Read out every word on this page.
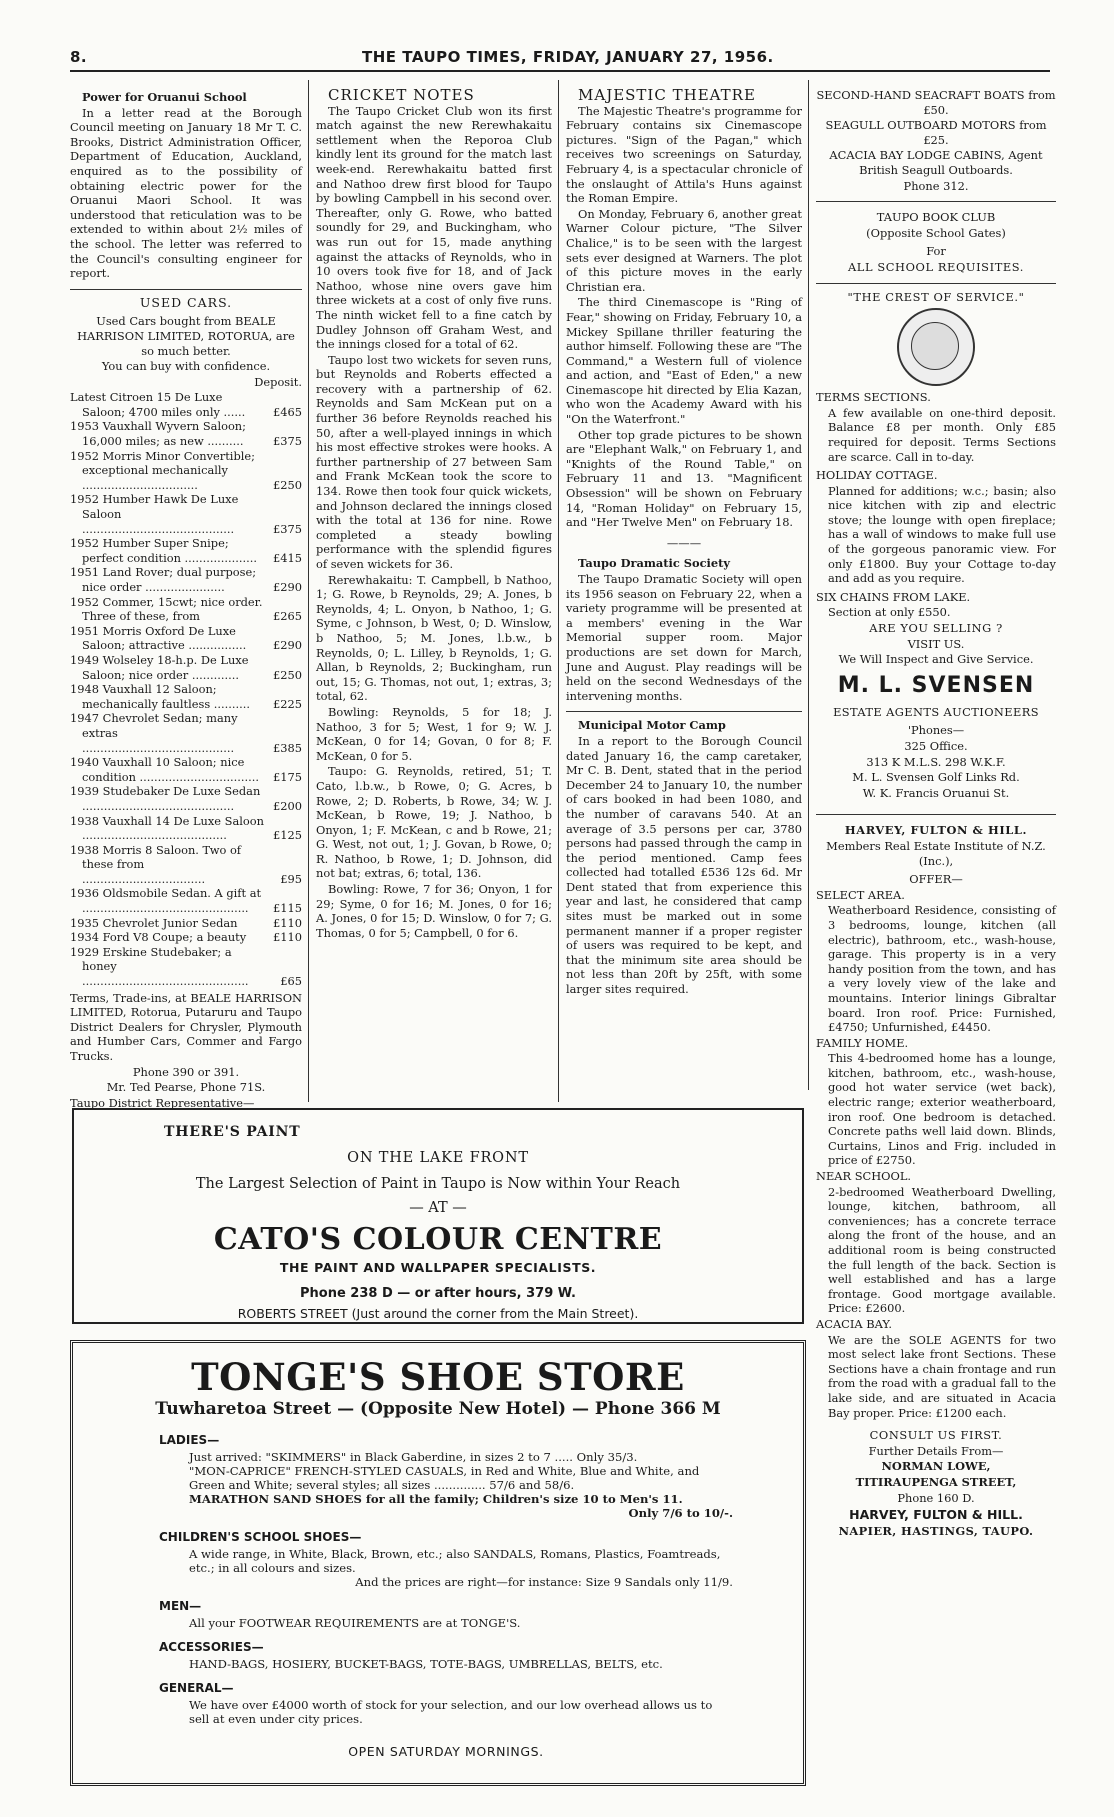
8.	THE TAUPO TIMES, FRIDAY, JANUARY 27, 1956.

Power for Oruanui School

In a letter read at the Borough Council meeting on January 18 Mr T. C. Brooks, District Administration Officer, Department of Education, Auckland, enquired as to the possibility of obtaining electric power for the Oruanui Maori School. It was understood that reticulation was to be extended to within about 2½ miles of the school. The letter was referred to the Council's consulting engineer for report.

USED CARS.

Used Cars bought from BEALE HARRISON LIMITED, ROTORUA, are so much better.

You can buy with confidence.

Deposit.

Latest Citroen 15 De Luxe Saloon; 4700 miles only ......	£465
1953 Vauxhall Wyvern Saloon; 16,000 miles; as new ..........	£375
1952 Morris Minor Convertible; exceptional mechanically ................................	£250
1952 Humber Hawk De Luxe Saloon ..........................................	£375
1952 Humber Super Snipe; perfect condition ....................	£415
1951 Land Rover; dual purpose; nice order ......................	£290
1952 Commer, 15cwt; nice order. Three of these, from	£265
1951 Morris Oxford De Luxe Saloon; attractive ................	£290
1949 Wolseley 18-h.p. De Luxe Saloon; nice order .............	£250
1948 Vauxhall 12 Saloon; mechanically faultless ..........	£225
1947 Chevrolet Sedan; many extras ..........................................	£385
1940 Vauxhall 10 Saloon; nice condition .................................	£175
1939 Studebaker De Luxe Sedan ..........................................	£200
1938 Vauxhall 14 De Luxe Saloon ........................................	£125
1938 Morris 8 Saloon. Two of these from ..................................	£95
1936 Oldsmobile Sedan. A gift at ..............................................	£115
1935 Chevrolet Junior Sedan	£110
1934 Ford V8 Coupe; a beauty	£110
1929 Erskine Studebaker; a honey ..............................................	£65

Terms, Trade-ins, at BEALE HARRISON LIMITED, Rotorua, Putaruru and Taupo District Dealers for Chrysler, Plymouth and Humber Cars, Commer and Fargo Trucks.

Phone 390 or 391.

Mr. Ted Pearse, Phone 71S.

Taupo District Representative—

CRICKET NOTES

The Taupo Cricket Club won its first match against the new Rerewhakaitu settlement when the Reporoa Club kindly lent its ground for the match last week-end. Rerewhakaitu batted first and Nathoo drew first blood for Taupo by bowling Campbell in his second over. Thereafter, only G. Rowe, who batted soundly for 29, and Buckingham, who was run out for 15, made anything against the attacks of Reynolds, who in 10 overs took five for 18, and of Jack Nathoo, whose nine overs gave him three wickets at a cost of only five runs. The ninth wicket fell to a fine catch by Dudley Johnson off Graham West, and the innings closed for a total of 62.

Taupo lost two wickets for seven runs, but Reynolds and Roberts effected a recovery with a partnership of 62. Reynolds and Sam McKean put on a further 36 before Reynolds reached his 50, after a well-played innings in which his most effective strokes were hooks. A further partnership of 27 between Sam and Frank McKean took the score to 134. Rowe then took four quick wickets, and Johnson declared the innings closed with the total at 136 for nine. Rowe completed a steady bowling performance with the splendid figures of seven wickets for 36.

Rerewhakaitu: T. Campbell, b Nathoo, 1; G. Rowe, b Reynolds, 29; A. Jones, b Reynolds, 4; L. Onyon, b Nathoo, 1; G. Syme, c Johnson, b West, 0; D. Winslow, b Nathoo, 5; M. Jones, l.b.w., b Reynolds, 0; L. Lilley, b Reynolds, 1; G. Allan, b Reynolds, 2; Buckingham, run out, 15; G. Thomas, not out, 1; extras, 3; total, 62.

Bowling: Reynolds, 5 for 18; J. Nathoo, 3 for 5; West, 1 for 9; W. J. McKean, 0 for 14; Govan, 0 for 8; F. McKean, 0 for 5.

Taupo: G. Reynolds, retired, 51; T. Cato, l.b.w., b Rowe, 0; G. Acres, b Rowe, 2; D. Roberts, b Rowe, 34; W. J. McKean, b Rowe, 19; J. Nathoo, b Onyon, 1; F. McKean, c and b Rowe, 21; G. West, not out, 1; J. Govan, b Rowe, 0; R. Nathoo, b Rowe, 1; D. Johnson, did not bat; extras, 6; total, 136.

Bowling: Rowe, 7 for 36; Onyon, 1 for 29; Syme, 0 for 16; M. Jones, 0 for 16; A. Jones, 0 for 15; D. Winslow, 0 for 7; G. Thomas, 0 for 5; Campbell, 0 for 6.

MAJESTIC THEATRE

The Majestic Theatre's programme for February contains six Cinemascope pictures. "Sign of the Pagan," which receives two screenings on Saturday, February 4, is a spectacular chronicle of the onslaught of Attila's Huns against the Roman Empire.

On Monday, February 6, another great Warner Colour picture, "The Silver Chalice," is to be seen with the largest sets ever designed at Warners. The plot of this picture moves in the early Christian era.

The third Cinemascope is "Ring of Fear," showing on Friday, February 10, a Mickey Spillane thriller featuring the author himself. Following these are "The Command," a Western full of violence and action, and "East of Eden," a new Cinemascope hit directed by Elia Kazan, who won the Academy Award with his "On the Waterfront."

Other top grade pictures to be shown are "Elephant Walk," on February 1, and "Knights of the Round Table," on February 11 and 13. "Magnificent Obsession" will be shown on February 14, "Roman Holiday" on February 15, and "Her Twelve Men" on February 18.

———

Taupo Dramatic Society

The Taupo Dramatic Society will open its 1956 season on February 22, when a variety programme will be presented at a members' evening in the War Memorial supper room. Major productions are set down for March, June and August. Play readings will be held on the second Wednesdays of the intervening months.

Municipal Motor Camp

In a report to the Borough Council dated January 16, the camp caretaker, Mr C. B. Dent, stated that in the period December 24 to January 10, the number of cars booked in had been 1080, and the number of caravans 540. At an average of 3.5 persons per car, 3780 persons had passed through the camp in the period mentioned. Camp fees collected had totalled £536 12s 6d. Mr Dent stated that from experience this year and last, he considered that camp sites must be marked out in some permanent manner if a proper register of users was required to be kept, and that the minimum site area should be not less than 20ft by 25ft, with some larger sites required.

SECOND-HAND SEACRAFT BOATS from £50.

SEAGULL OUTBOARD MOTORS from £25.

ACACIA BAY LODGE CABINS, Agent British Seagull Outboards.

Phone 312.

TAUPO BOOK CLUB

(Opposite School Gates)

For

ALL SCHOOL REQUISITES.

"THE CREST OF SERVICE."

TERMS SECTIONS.

A few available on one-third deposit. Balance £8 per month. Only £85 required for deposit. Terms Sections are scarce. Call in to-day.

HOLIDAY COTTAGE.

Planned for additions; w.c.; basin; also nice kitchen with zip and electric stove; the lounge with open fireplace; has a wall of windows to make full use of the gorgeous panoramic view. For only £1800. Buy your Cottage to-day and add as you require.

SIX CHAINS FROM LAKE.

Section at only £550.

ARE YOU SELLING ?

VISIT US.

We Will Inspect and Give Service.

M. L. SVENSEN

ESTATE AGENTS AUCTIONEERS

'Phones—

325 Office.

313 K M.L.S. 298 W.K.F.

M. L. Svensen Golf Links Rd.

W. K. Francis Oruanui St.

HARVEY, FULTON & HILL.

Members Real Estate Institute of N.Z. (Inc.),

OFFER—

SELECT AREA.

Weatherboard Residence, consisting of 3 bedrooms, lounge, kitchen (all electric), bathroom, etc., wash-house, garage. This property is in a very handy position from the town, and has a very lovely view of the lake and mountains. Interior linings Gibraltar board. Iron roof. Price: Furnished, £4750; Unfurnished, £4450.

FAMILY HOME.

This 4-bedroomed home has a lounge, kitchen, bathroom, etc., wash-house, good hot water service (wet back), electric range; exterior weatherboard, iron roof. One bedroom is detached. Concrete paths well laid down. Blinds, Curtains, Linos and Frig. included in price of £2750.

NEAR SCHOOL.

2-bedroomed Weatherboard Dwelling, lounge, kitchen, bathroom, all conveniences; has a concrete terrace along the front of the house, and an additional room is being constructed the full length of the back. Section is well established and has a large frontage. Good mortgage available. Price: £2600.

ACACIA BAY.

We are the SOLE AGENTS for two most select lake front Sections. These Sections have a chain frontage and run from the road with a gradual fall to the lake side, and are situated in Acacia Bay proper. Price: £1200 each.

CONSULT US FIRST.

Further Details From—

NORMAN LOWE,

TITIRAUPENGA STREET,

Phone 160 D.

HARVEY, FULTON & HILL.

NAPIER, HASTINGS, TAUPO.

THERE'S PAINT
ON THE LAKE FRONT
The Largest Selection of Paint in Taupo is Now within Your Reach
— AT —
CATO'S COLOUR CENTRE
THE PAINT AND WALLPAPER SPECIALISTS.
Phone 238 D — or after hours, 379 W.
ROBERTS STREET (Just around the corner from the Main Street).
TONGE'S SHOE STORE
Tuwharetoa Street — (Opposite New Hotel) — Phone 366 M
LADIES—
Just arrived: "SKIMMERS" in Black Gaberdine, in sizes 2 to 7 ..... Only 35/3.
"MON-CAPRICE" FRENCH-STYLED CASUALS, in Red and White, Blue and White, and Green and White; several styles; all sizes .............. 57/6 and 58/6.
MARATHON SAND SHOES for all the family; Children's size 10 to Men's 11.
Only 7/6 to 10/-.
CHILDREN'S SCHOOL SHOES—
A wide range, in White, Black, Brown, etc.; also SANDALS, Romans, Plastics, Foamtreads, etc.; in all colours and sizes.
And the prices are right—for instance: Size 9 Sandals only 11/9.
MEN—
All your FOOTWEAR REQUIREMENTS are at TONGE'S.
ACCESSORIES—
HAND-BAGS, HOSIERY, BUCKET-BAGS, TOTE-BAGS, UMBRELLAS, BELTS, etc.
GENERAL—
We have over £4000 worth of stock for your selection, and our low overhead allows us to sell at even under city prices.
OPEN SATURDAY MORNINGS.
